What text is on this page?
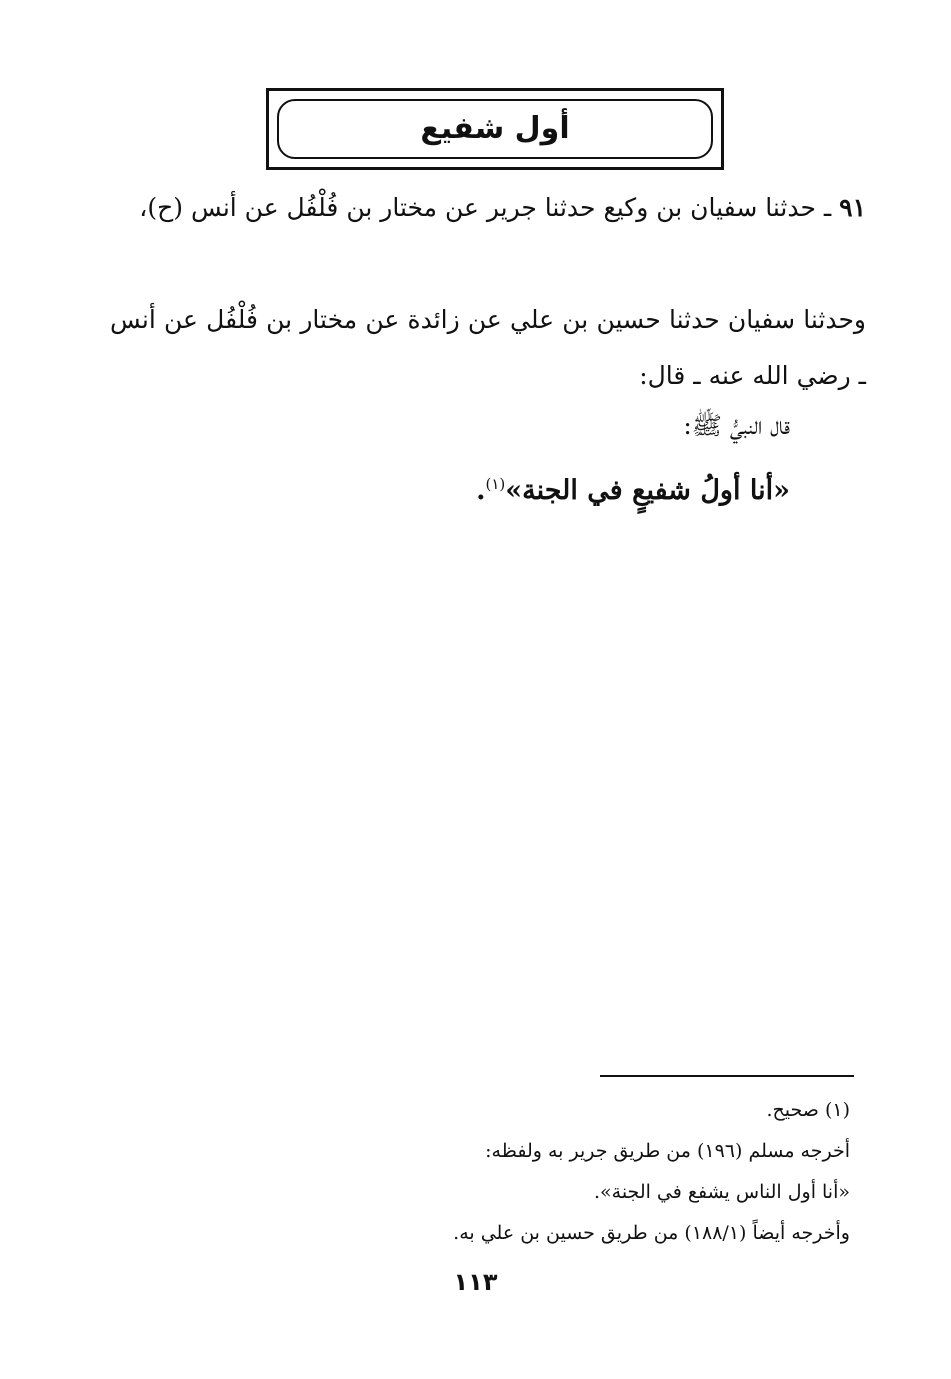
أول شفيع
٩١ ـ حدثنا سفيان بن وكيع حدثنا جرير عن مختار بن فُلْفُل عن أنس (ح)،
وحدثنا سفيان حدثنا حسين بن علي عن زائدة عن مختار بن فُلْفُل عن أنس ـ رضي الله عنه ـ قال:
قال النبيُّ ﷺ:
«أنا أولُ شفيعٍ في الجنة»$^{(١)}$.
(١) صحيح.
أخرجه مسلم (١٩٦) من طريق جرير به ولفظه:
«أنا أول الناس يشفع في الجنة».
وأخرجه أيضاً (١٨٨/١) من طريق حسين بن علي به.
١١٣
